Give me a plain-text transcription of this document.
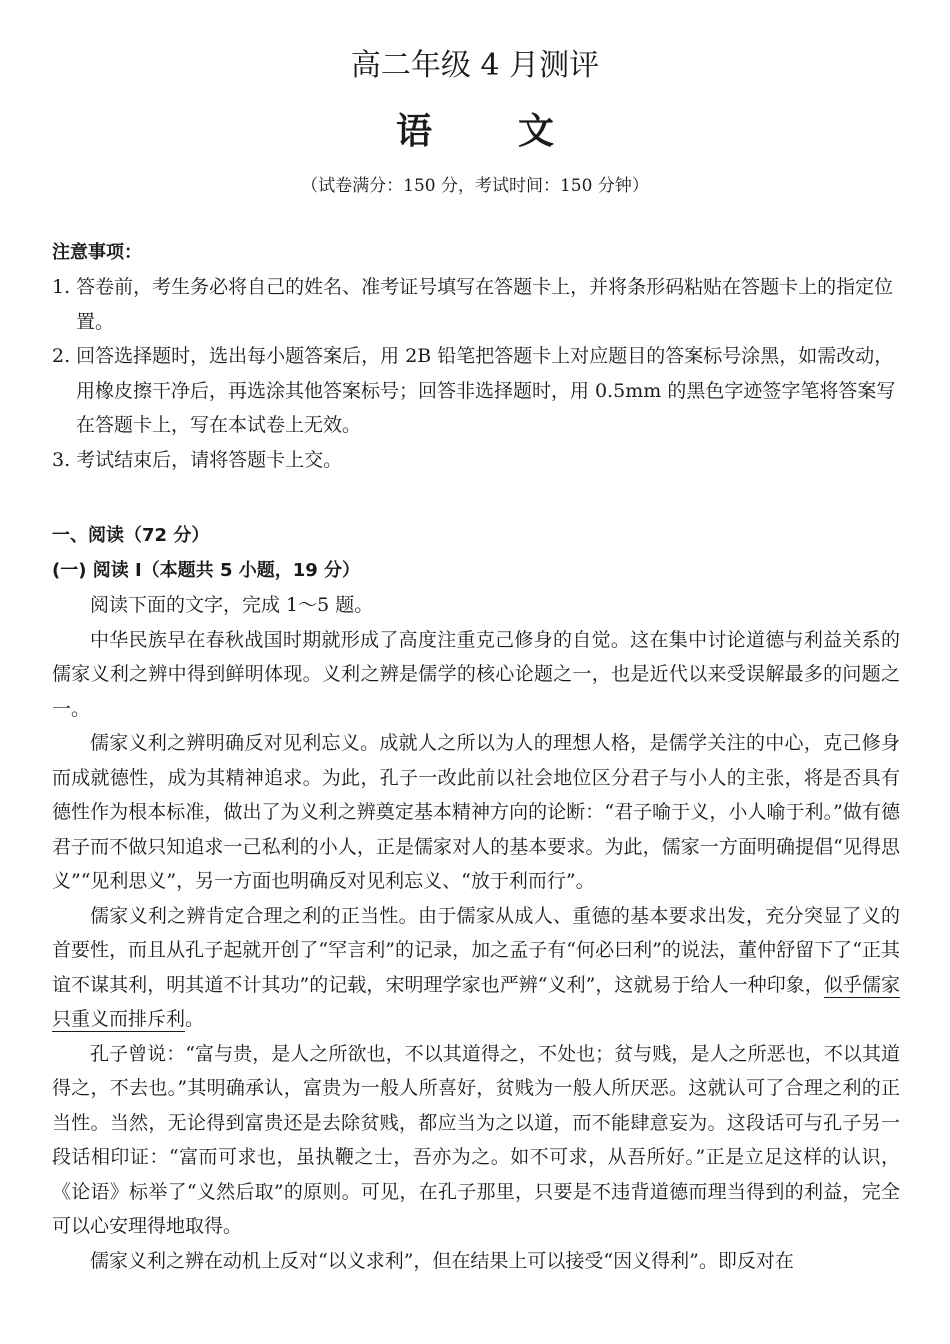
高二年级 4 月测评
语 文
（试卷满分：150 分，考试时间：150 分钟）
注意事项：
1. 答卷前，考生务必将自己的姓名、准考证号填写在答题卡上，并将条形码粘贴在答题卡上的指定位置。
2. 回答选择题时，选出每小题答案后，用 2B 铅笔把答题卡上对应题目的答案标号涂黑，如需改动，用橡皮擦干净后，再选涂其他答案标号；回答非选择题时，用 0.5mm 的黑色字迹签字笔将答案写在答题卡上，写在本试卷上无效。
3. 考试结束后，请将答题卡上交。
一、阅读（72 分）
(一) 阅读 Ⅰ（本题共 5 小题，19 分）
阅读下面的文字，完成 1～5 题。
中华民族早在春秋战国时期就形成了高度注重克己修身的自觉。这在集中讨论道德与利益关系的儒家义利之辨中得到鲜明体现。义利之辨是儒学的核心论题之一，也是近代以来受误解最多的问题之一。
儒家义利之辨明确反对见利忘义。成就人之所以为人的理想人格，是儒学关注的中心，克己修身而成就德性，成为其精神追求。为此，孔子一改此前以社会地位区分君子与小人的主张，将是否具有德性作为根本标准，做出了为义利之辨奠定基本精神方向的论断：“君子喻于义，小人喻于利。”做有德君子而不做只知追求一己私利的小人，正是儒家对人的基本要求。为此，儒家一方面明确提倡“见得思义”“见利思义”，另一方面也明确反对见利忘义、“放于利而行”。
儒家义利之辨肯定合理之利的正当性。由于儒家从成人、重德的基本要求出发，充分突显了义的首要性，而且从孔子起就开创了“罕言利”的记录，加之孟子有“何必曰利”的说法，董仲舒留下了“正其谊不谋其利，明其道不计其功”的记载，宋明理学家也严辨“义利”，这就易于给人一种印象，似乎儒家只重义而排斥利。
孔子曾说：“富与贵，是人之所欲也，不以其道得之，不处也；贫与贱，是人之所恶也，不以其道得之，不去也。”其明确承认，富贵为一般人所喜好，贫贱为一般人所厌恶。这就认可了合理之利的正当性。当然，无论得到富贵还是去除贫贱，都应当为之以道，而不能肆意妄为。这段话可与孔子另一段话相印证：“富而可求也，虽执鞭之士，吾亦为之。如不可求，从吾所好。”正是立足这样的认识，《论语》标举了“义然后取”的原则。可见，在孔子那里，只要是不违背道德而理当得到的利益，完全可以心安理得地取得。
儒家义利之辨在动机上反对“以义求利”，但在结果上可以接受“因义得利”。即反对在
